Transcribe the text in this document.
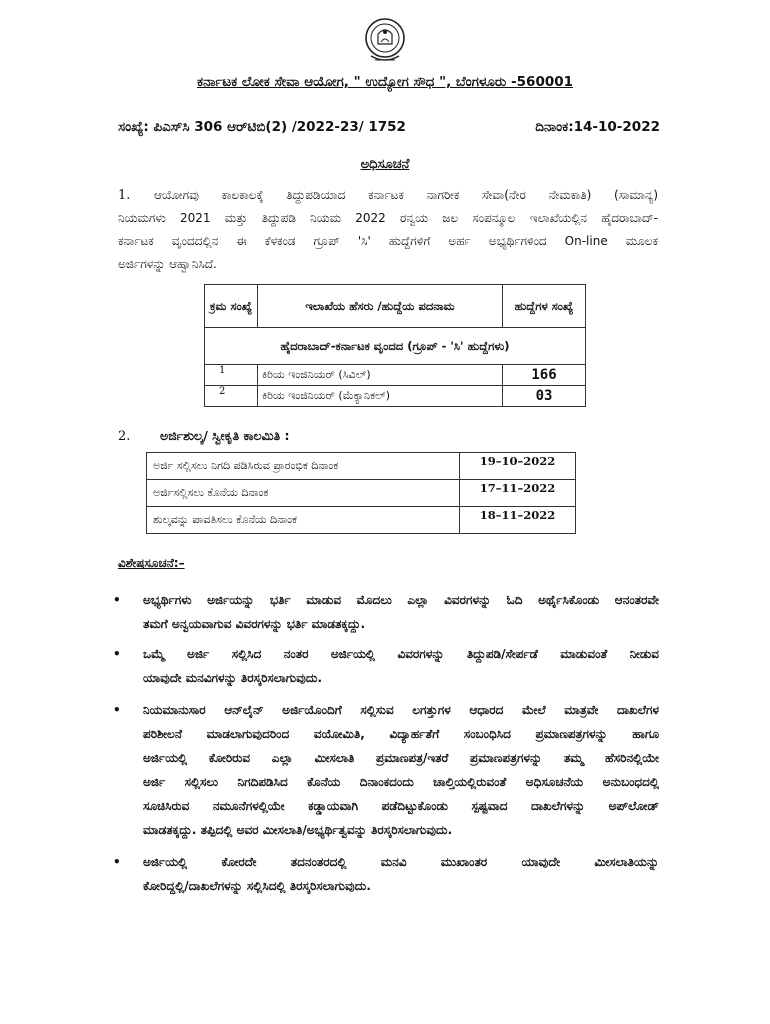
ಕರ್ನಾಟಕ ಲೋಕ ಸೇವಾ ಆಯೋಗ, " ಉದ್ಯೋಗ ಸೌಧ ", ಬೆಂಗಳೂರು -560001
ಸಂಖ್ಯೆ: ಪಿಎಸ್‌ಸಿ 306 ಆರ್‌ಟಿಬಿ(2) /2022-23/ 1752	ದಿನಾಂಕ:14-10-2022
ಅಧಿಸೂಚನೆ
1.	ಆಯೋಗವು ಕಾಲಕಾಲಕ್ಕೆ ತಿದ್ದುಪಡಿಯಾದ ಕರ್ನಾಟಕ ನಾಗರೀಕ ಸೇವಾ(ನೇರ ನೇಮಕಾತಿ) (ಸಾಮಾನ್ಯ)
ನಿಯಮಗಳು 2021 ಮತ್ತು ತಿದ್ದುಪಡಿ ನಿಯಮ 2022 ರನ್ವಯ ಜಲ ಸಂಪನ್ಮೂಲ ಇಲಾಖೆಯಲ್ಲಿನ ಹೈದರಾಬಾದ್-
ಕರ್ನಾಟಕ ವೃಂದದಲ್ಲಿನ ಈ ಕೆಳಕಂಡ ಗ್ರೂಪ್ 'ಸಿ' ಹುದ್ದೆಗಳಿಗೆ ಅರ್ಹ ಅಭ್ಯರ್ಥಿಗಳಿಂದ On-line ಮೂಲಕ
ಅರ್ಜಿಗಳನ್ನು ಆಹ್ವಾನಿಸಿದೆ.
ಕ್ರಮ ಸಂಖ್ಯೆ	ಇಲಾಖೆಯ ಹೆಸರು /ಹುದ್ದೆಯ ಪದನಾಮ	ಹುದ್ದೆಗಳ ಸಂಖ್ಯೆ
ಹೈದರಾಬಾದ್-ಕರ್ನಾಟಕ ವೃಂದದ (ಗ್ರೂಪ್ - 'ಸಿ' ಹುದ್ದೆಗಳು)		
1	ಕಿರಿಯ ಇಂಜಿನಿಯರ್ (ಸಿವಿಲ್)	166
2	ಕಿರಿಯ ಇಂಜಿನಿಯರ್ (ಮೆಕ್ಯಾನಿಕಲ್)	03
2. ಅರ್ಜಿಶುಲ್ಕ/ ಸ್ವೀಕೃತಿ ಕಾಲಮಿತಿ :
ಅರ್ಜಿ ಸಲ್ಲಿಸಲು ನಿಗದಿ ಪಡಿಸಿರುವ ಪ್ರಾರಂಭಿಕ ದಿನಾಂಕ	19–10–2022
ಅರ್ಜಿಸಲ್ಲಿಸಲು ಕೊನೆಯ ದಿನಾಂಕ	17–11–2022
ಶುಲ್ಕವನ್ನು ಪಾವತಿಸಲು ಕೊನೆಯ ದಿನಾಂಕ	18–11–2022
ವಿಶೇಷಸೂಚನೆ:–
• ಅಭ್ಯರ್ಥಿಗಳು ಅರ್ಜಿಯನ್ನು ಭರ್ತಿ ಮಾಡುವ ಮೊದಲು ಎಲ್ಲಾ ವಿವರಗಳನ್ನು ಓದಿ ಅರ್ಥೈಸಿಕೊಂಡು ಆನಂತರವೇ
ತಮಗೆ ಅನ್ವಯವಾಗುವ ವಿವರಗಳನ್ನು ಭರ್ತಿ ಮಾಡತಕ್ಕದ್ದು.
• ಒಮ್ಮೆ ಅರ್ಜಿ ಸಲ್ಲಿಸಿದ ನಂತರ ಅರ್ಜಿಯಲ್ಲಿ ವಿವರಗಳನ್ನು ತಿದ್ದುಪಡಿ/ಸೇರ್ಪಡೆ ಮಾಡುವಂತೆ ನೀಡುವ
ಯಾವುದೇ ಮನವಿಗಳನ್ನು ತಿರಸ್ಕರಿಸಲಾಗುವುದು.
• ನಿಯಮಾನುಸಾರ ಆನ್‌ಲೈನ್ ಅರ್ಜಿಯೊಂದಿಗೆ ಸಲ್ಲಿಸುವ ಲಗತ್ತುಗಳ ಆಧಾರದ ಮೇಲೆ ಮಾತ್ರವೇ ದಾಖಲೆಗಳ
ಪರಿಶೀಲನೆ ಮಾಡಲಾಗುವುದರಿಂದ ವಯೋಮಿತಿ, ವಿದ್ಯಾರ್ಹತೆಗೆ ಸಂಬಂಧಿಸಿದ ಪ್ರಮಾಣಪತ್ರಗಳನ್ನು ಹಾಗೂ
ಅರ್ಜಿಯಲ್ಲಿ ಕೋರಿರುವ ಎಲ್ಲಾ ಮೀಸಲಾತಿ ಪ್ರಮಾಣಪತ್ರ/ಇತರೆ ಪ್ರಮಾಣಪತ್ರಗಳನ್ನು ತಮ್ಮ ಹೆಸರಿನಲ್ಲಿಯೇ
ಅರ್ಜಿ ಸಲ್ಲಿಸಲು ನಿಗದಿಪಡಿಸಿದ ಕೊನೆಯ ದಿನಾಂಕದಂದು ಚಾಲ್ತಿಯಲ್ಲಿರುವಂತೆ ಅಧಿಸೂಚನೆಯ ಅನುಬಂಧದಲ್ಲಿ
ಸೂಚಿಸಿರುವ ನಮೂನೆಗಳಲ್ಲಿಯೇ ಕಡ್ಡಾಯವಾಗಿ ಪಡೆದಿಟ್ಟುಕೊಂಡು ಸ್ಪಷ್ಟವಾದ ದಾಖಲೆಗಳನ್ನು ಅಪ್‌ಲೋಡ್
ಮಾಡತಕ್ಕದ್ದು. ತಪ್ಪಿದಲ್ಲಿ ಅವರ ಮೀಸಲಾತಿ/ಅಭ್ಯರ್ಥಿತ್ವವನ್ನು ತಿರಸ್ಕರಿಸಲಾಗುವುದು.
• ಅರ್ಜಿಯಲ್ಲಿ ಕೋರದೇ ತದನಂತರದಲ್ಲಿ ಮನವಿ ಮುಖಾಂತರ ಯಾವುದೇ ಮೀಸಲಾತಿಯನ್ನು
ಕೋರಿದ್ದಲ್ಲಿ/ದಾಖಲೆಗಳನ್ನು ಸಲ್ಲಿಸಿದಲ್ಲಿ ತಿರಸ್ಕರಿಸಲಾಗುವುದು.
